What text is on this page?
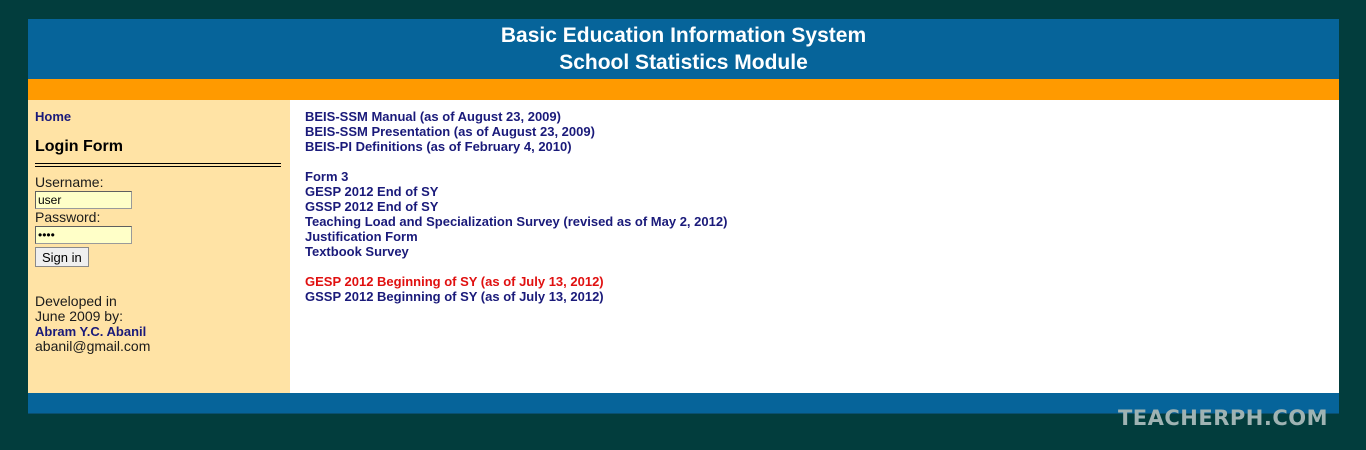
Basic Education Information System
School Statistics Module
Home
Login Form
Username:
user
Password:
Sign in
Developed in
June 2009 by:
Abram Y.C. Abanil
abanil@gmail.com
BEIS-SSM Manual (as of August 23, 2009)
BEIS-SSM Presentation (as of August 23, 2009)
BEIS-PI Definitions (as of February 4, 2010)
Form 3
GESP 2012 End of SY
GSSP 2012 End of SY
Teaching Load and Specialization Survey (revised as of May 2, 2012)
Justification Form
Textbook Survey
GESP 2012 Beginning of SY (as of July 13, 2012)
GSSP 2012 Beginning of SY (as of July 13, 2012)
TEACHERPH.COM
